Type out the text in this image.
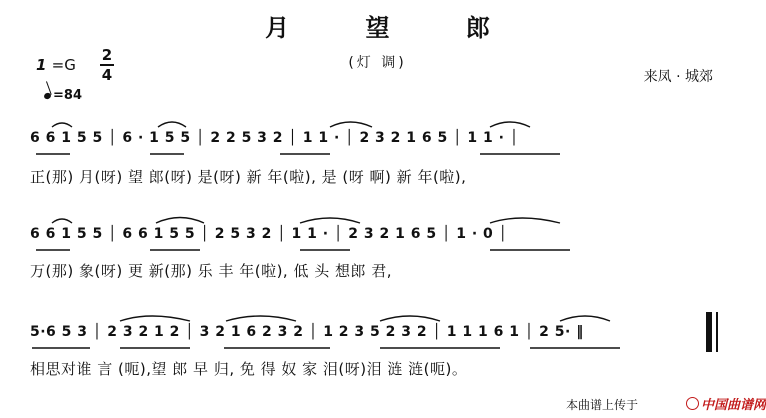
月 望 郎
1 =G
2
4
=84
(灯 调)
来凤 · 城郊
6 6 1 5 5 │ 6 · 1 5 5 │ 2 2 5 3 2 │ 1 1 · │ 2 3 2 1 6 5 │ 1 1 · │
正(那) 月(呀) 望 郎(呀) 是(呀) 新 年(啦), 是 (呀 啊) 新 年(啦),
6 6 1 5 5 │ 6 6 1 5 5 │ 2 5 3 2 │ 1 1 · │ 2 3 2 1 6 5 │ 1 · 0 │
万(那) 象(呀) 更 新(那) 乐 丰 年(啦), 低 头 想郎 君,
5·6 5 3 │ 2 3 2 1 2 │ 3 2 1 6 2 3 2 │ 1 2 3 5 2 3 2 │ 1 1 1 6 1 │ 2 5· ‖
相思对谁 言 (呃),望 郎 早 归, 免 得 奴 家 泪(呀)泪 涟 涟(呃)。
本曲谱上传于	中国曲谱网
